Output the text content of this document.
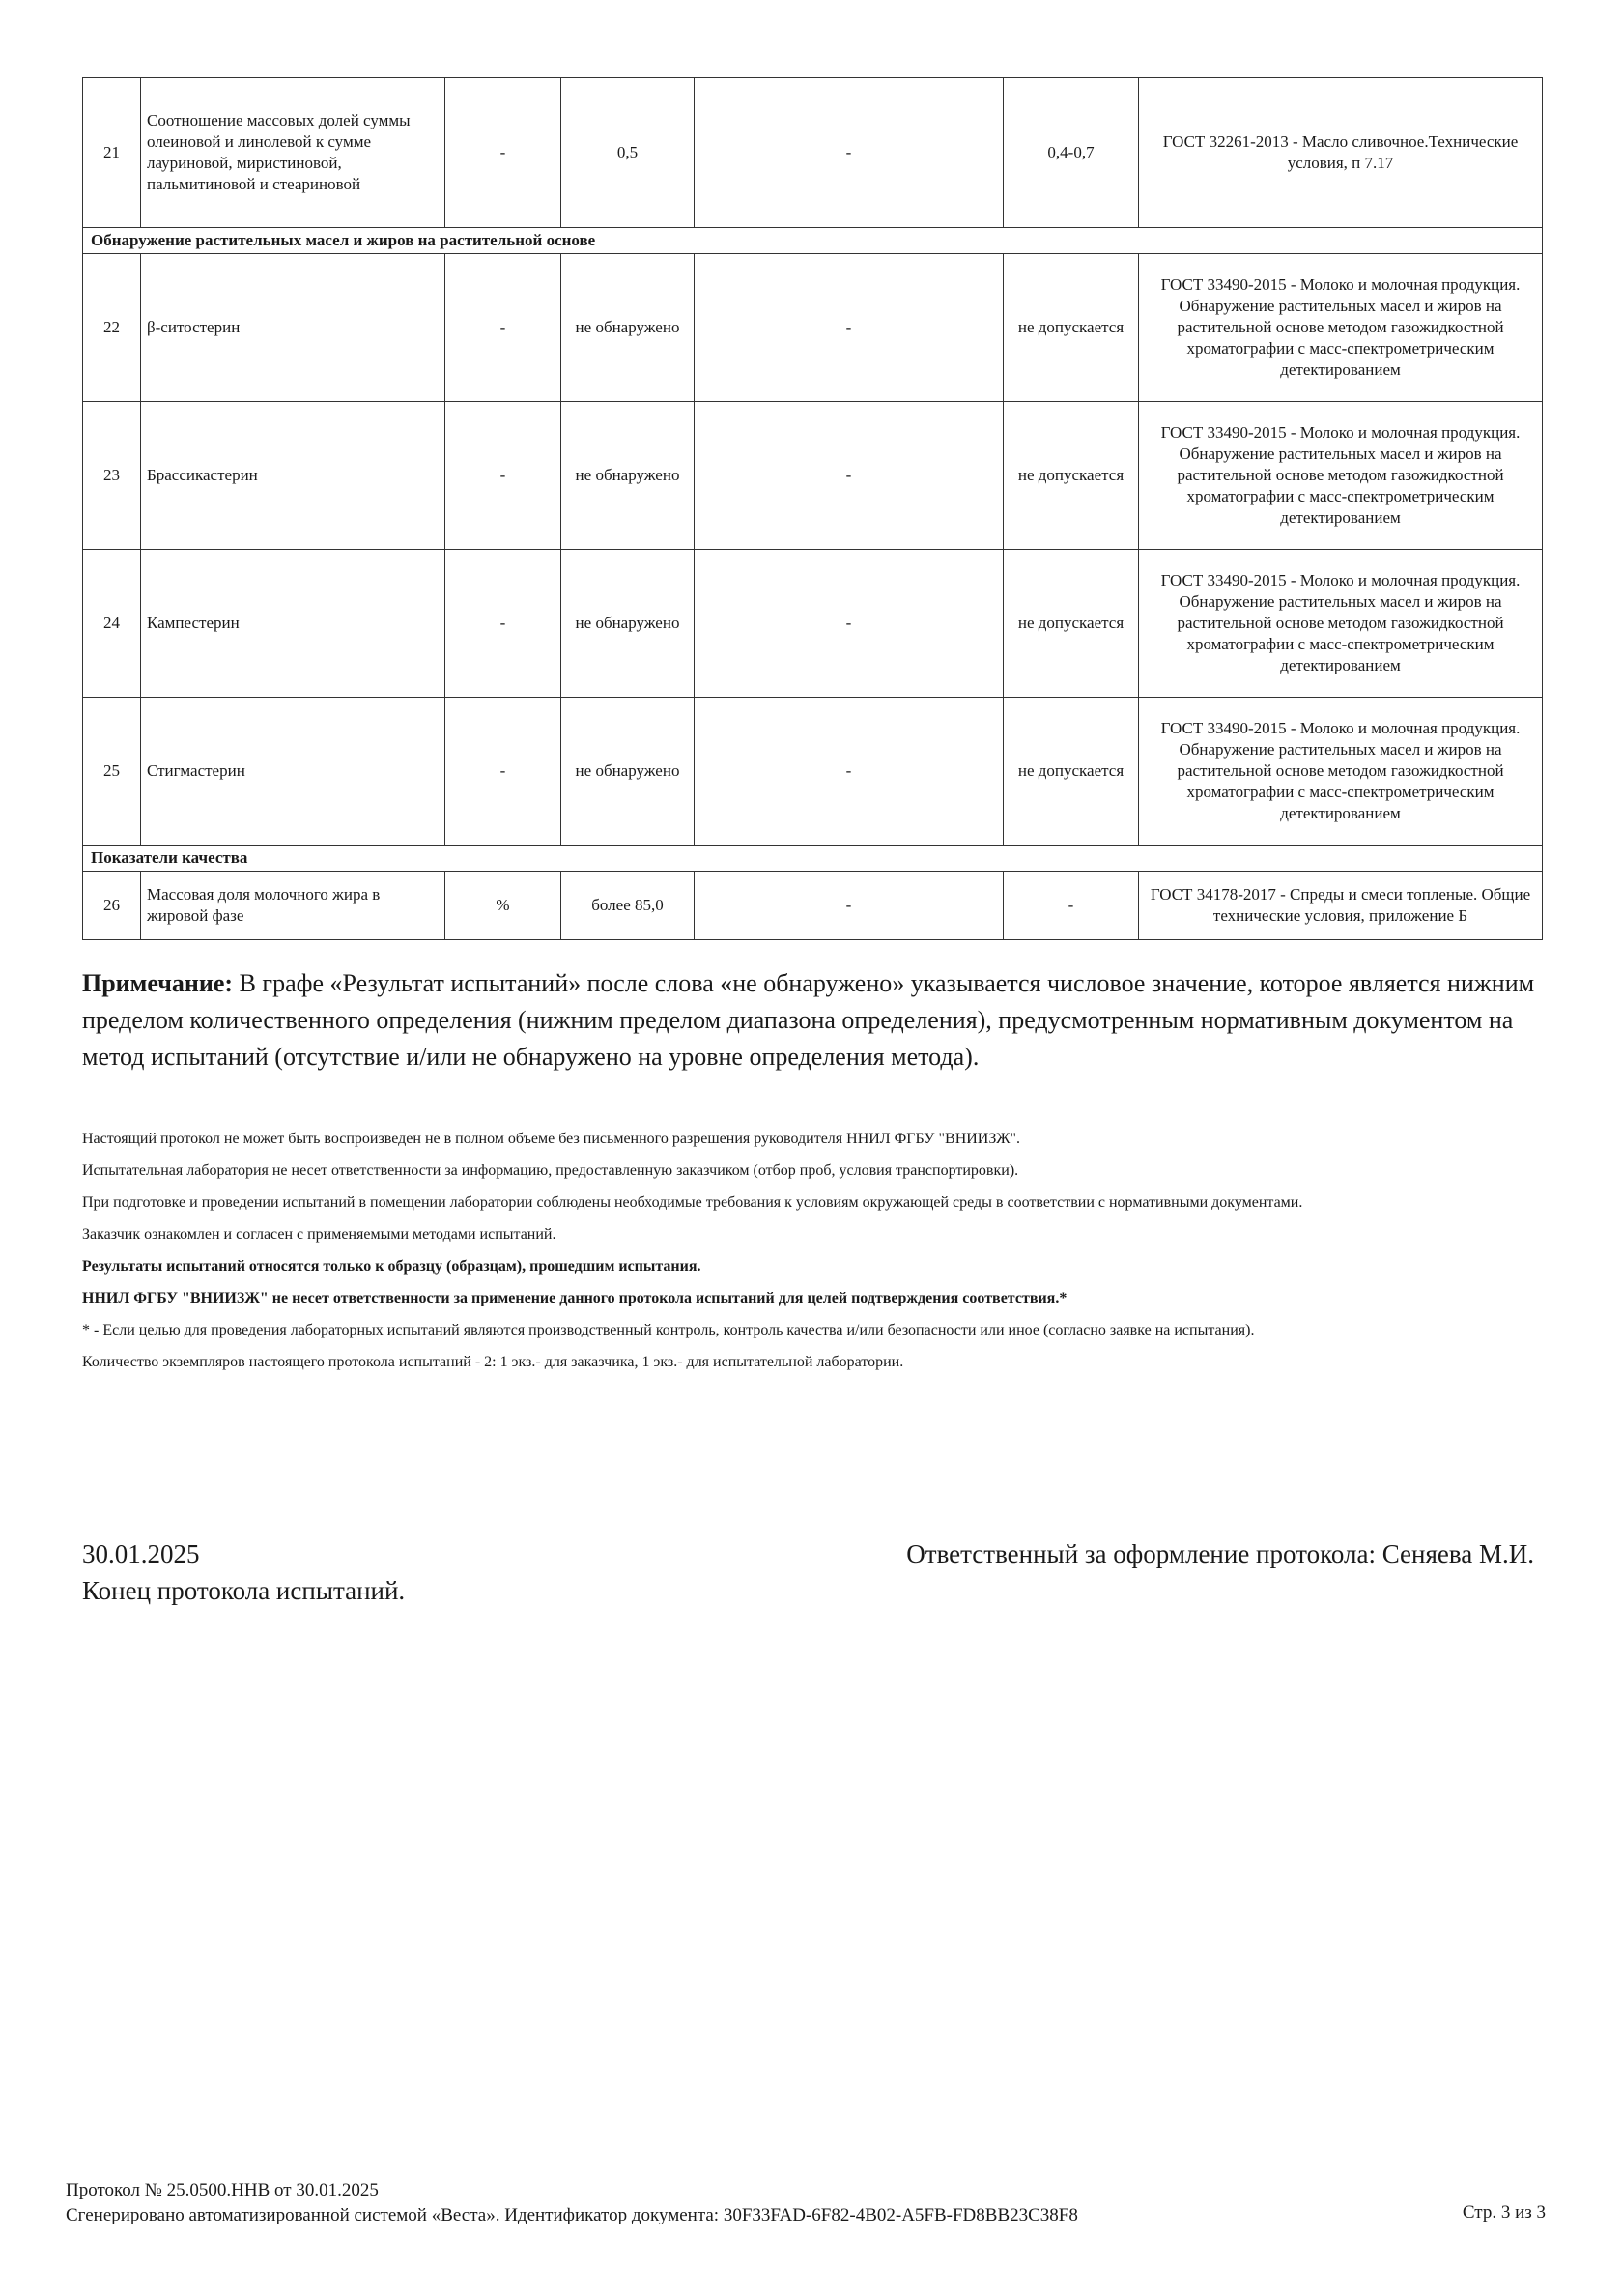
21	Соотношение массовых долей суммы олеиновой и линолевой к сумме лауриновой, миристиновой, пальмитиновой и стеариновой	-	0,5	-	0,4-0,7	ГОСТ 32261-2013 - Масло сливочное.Технические условия, п 7.17
Обнаружение растительных масел и жиров на растительной основе						
22	β-ситостерин	-	не обнаружено	-	не допускается	ГОСТ 33490-2015 - Молоко и молочная продукция. Обнаружение растительных масел и жиров на растительной основе методом газожидкостной хроматографии с масс-спектрометрическим детектированием
23	Брассикастерин	-	не обнаружено	-	не допускается	ГОСТ 33490-2015 - Молоко и молочная продукция. Обнаружение растительных масел и жиров на растительной основе методом газожидкостной хроматографии с масс-спектрометрическим детектированием
24	Кампестерин	-	не обнаружено	-	не допускается	ГОСТ 33490-2015 - Молоко и молочная продукция. Обнаружение растительных масел и жиров на растительной основе методом газожидкостной хроматографии с масс-спектрометрическим детектированием
25	Стигмастерин	-	не обнаружено	-	не допускается	ГОСТ 33490-2015 - Молоко и молочная продукция. Обнаружение растительных масел и жиров на растительной основе методом газожидкостной хроматографии с масс-спектрометрическим детектированием
Показатели качества						
26	Массовая доля молочного жира в жировой фазе	%	более 85,0	-	-	ГОСТ 34178-2017 - Спреды и смеси топленые. Общие технические условия, приложение Б
Примечание: В графе «Результат испытаний» после слова «не обнаружено» указывается числовое значение, которое является нижним пределом количественного определения (нижним пределом диапазона определения), предусмотренным нормативным документом на метод испытаний (отсутствие и/или не обнаружено на уровне определения метода).

Настоящий протокол не может быть воспроизведен не в полном объеме без письменного разрешения руководителя ННИЛ ФГБУ "ВНИИЗЖ".

Испытательная лаборатория не несет ответственности за информацию, предоставленную заказчиком (отбор проб, условия транспортировки).

При подготовке и проведении испытаний в помещении лаборатории соблюдены необходимые требования к условиям окружающей среды в соответствии с нормативными документами.

Заказчик ознакомлен и согласен с применяемыми методами испытаний.

Результаты испытаний относятся только к образцу (образцам), прошедшим испытания.

ННИЛ ФГБУ "ВНИИЗЖ" не несет ответственности за применение данного протокола испытаний для целей подтверждения соответствия.*

* - Если целью для проведения лабораторных испытаний являются производственный контроль, контроль качества и/или безопасности или иное (согласно заявке на испытания).

Количество экземпляров настоящего протокола испытаний - 2: 1 экз.- для заказчика, 1 экз.- для испытательной лаборатории.

30.01.2025
Конец протокола испытаний.
Ответственный за оформление протокола: Сеняева М.И.
Протокол № 25.0500.ННВ от 30.01.2025
Сгенерировано автоматизированной системой «Веста». Идентификатор документа: 30F33FAD-6F82-4B02-A5FB-FD8BB23C38F8	Стр. 3 из 3
